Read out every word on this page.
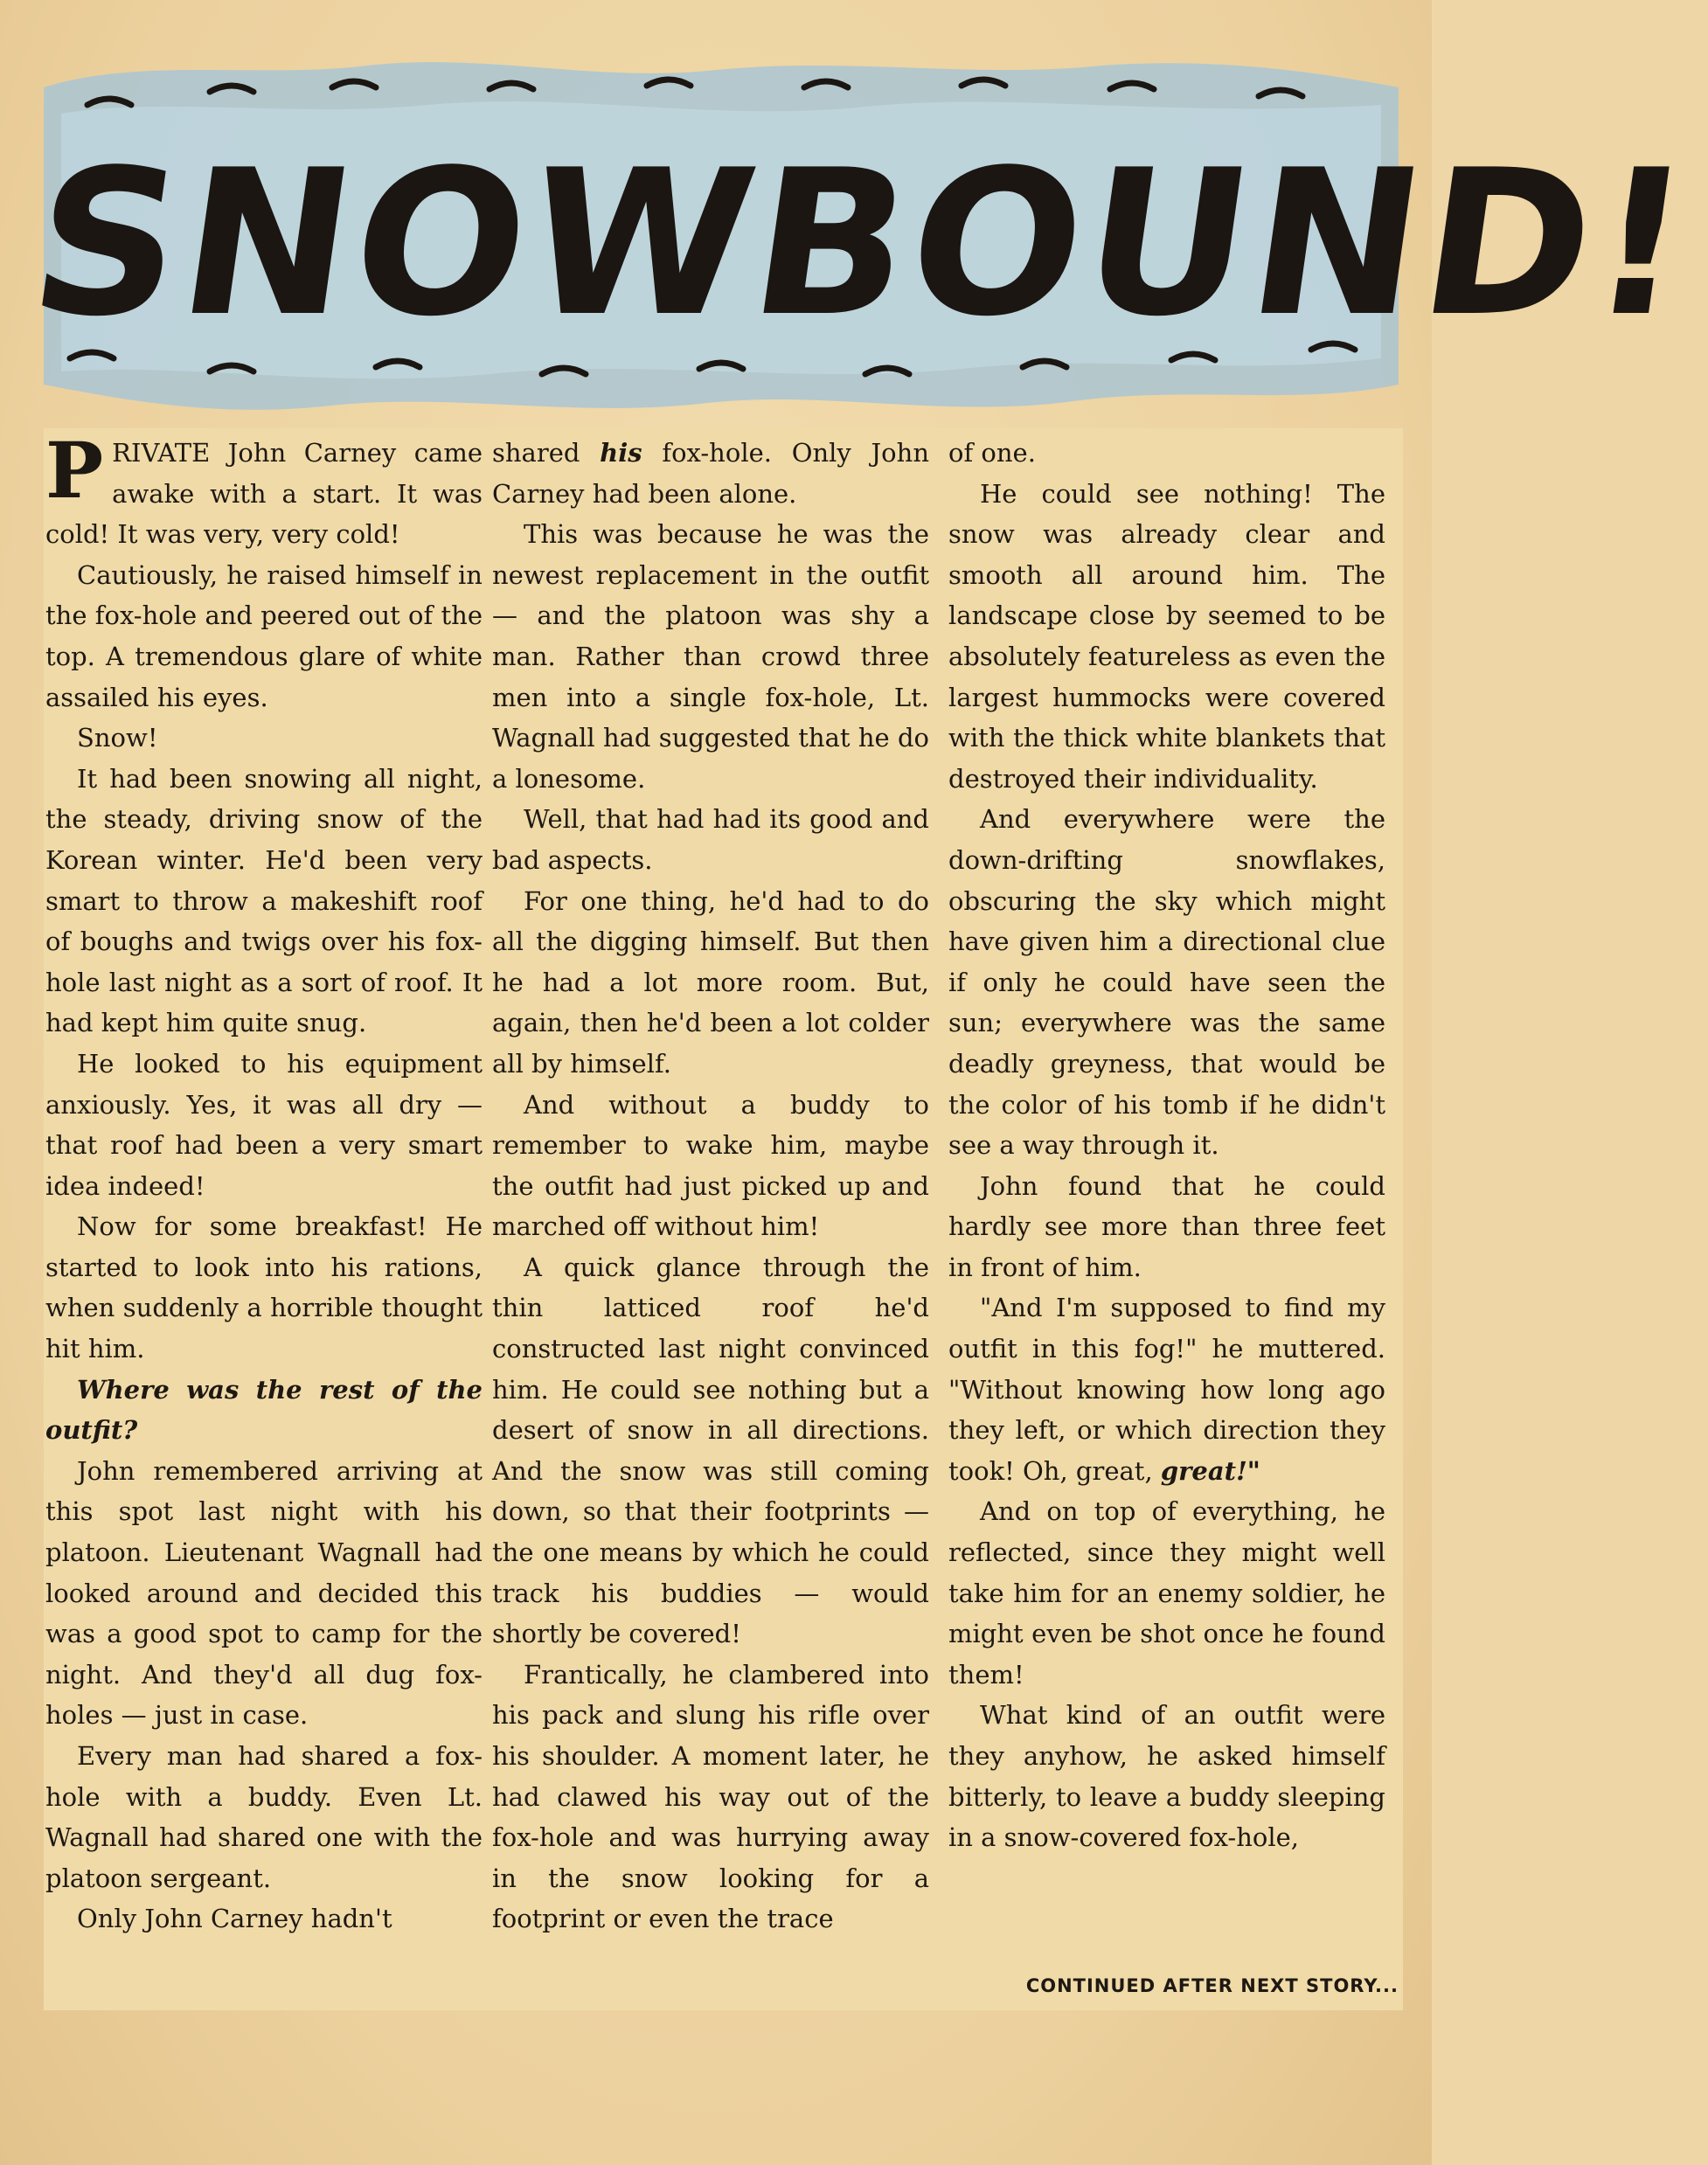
SNOWBOUND!

PRIVATE John Carney came awake with a start. It was cold! It was very, very cold!

Cautiously, he raised himself in the fox-hole and peered out of the top. A tremendous glare of white assailed his eyes.

Snow!

It had been snowing all night, the steady, driving snow of the Korean winter. He'd been very smart to throw a makeshift roof of boughs and twigs over his fox-hole last night as a sort of roof. It had kept him quite snug.

He looked to his equipment anxiously. Yes, it was all dry — that roof had been a very smart idea indeed!

Now for some breakfast! He started to look into his rations, when suddenly a horrible thought hit him.

Where was the rest of the outfit?

John remembered arriving at this spot last night with his platoon. Lieutenant Wagnall had looked around and decided this was a good spot to camp for the night. And they'd all dug fox-holes — just in case.

Every man had shared a fox-hole with a buddy. Even Lt. Wagnall had shared one with the platoon sergeant.

Only John Carney hadn't

shared his fox-hole. Only John Carney had been alone.

This was because he was the newest replacement in the outfit — and the platoon was shy a man. Rather than crowd three men into a single fox-hole, Lt. Wagnall had suggested that he do a lonesome.

Well, that had had its good and bad aspects.

For one thing, he'd had to do all the digging himself. But then he had a lot more room. But, again, then he'd been a lot colder all by himself.

And without a buddy to remember to wake him, maybe the outfit had just picked up and marched off without him!

A quick glance through the thin latticed roof he'd constructed last night convinced him. He could see nothing but a desert of snow in all directions. And the snow was still coming down, so that their footprints — the one means by which he could track his buddies — would shortly be covered!

Frantically, he clambered into his pack and slung his rifle over his shoulder. A moment later, he had clawed his way out of the fox-hole and was hurrying away in the snow looking for a footprint or even the trace

of one.

He could see nothing! The snow was already clear and smooth all around him. The landscape close by seemed to be absolutely featureless as even the largest hummocks were covered with the thick white blankets that destroyed their individuality.

And everywhere were the down-drifting snowflakes, obscuring the sky which might have given him a directional clue if only he could have seen the sun; everywhere was the same deadly greyness, that would be the color of his tomb if he didn't see a way through it.

John found that he could hardly see more than three feet in front of him.

"And I'm supposed to find my outfit in this fog!" he muttered. "Without knowing how long ago they left, or which direction they took! Oh, great, great!"

And on top of everything, he reflected, since they might well take him for an enemy soldier, he might even be shot once he found them!

What kind of an outfit were they anyhow, he asked himself bitterly, to leave a buddy sleeping in a snow-covered fox-hole,

CONTINUED AFTER NEXT STORY...
